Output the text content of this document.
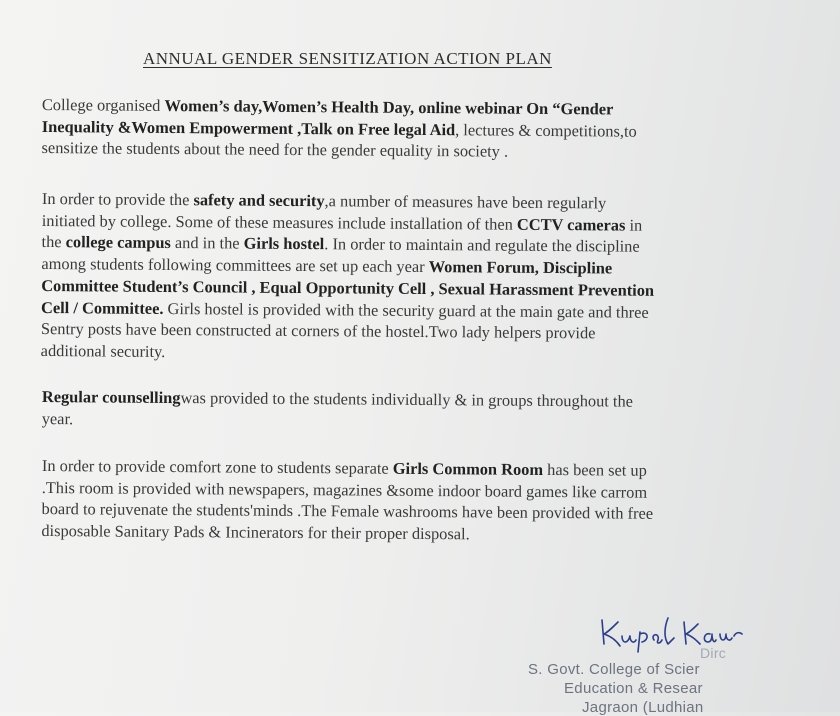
ANNUAL GENDER SENSITIZATION ACTION PLAN
College organised Women’s day,Women’s Health Day, online webinar On “Gender
Inequality &Women Empowerment ,Talk on Free legal Aid, lectures & competitions,to
sensitize the students about the need for the gender equality in society .
In order to provide the safety and security,a number of measures have been regularly
initiated by college. Some of these measures include installation of then CCTV cameras in
the college campus and in the Girls hostel. In order to maintain and regulate the discipline
among students following committees are set up each year Women Forum, Discipline
Committee Student’s Council , Equal Opportunity Cell , Sexual Harassment Prevention
Cell / Committee. Girls hostel is provided with the security guard at the main gate and three
Sentry posts have been constructed at corners of the hostel.Two lady helpers provide
additional security.
Regular counsellingwas provided to the students individually & in groups throughout the
year.
In order to provide comfort zone to students separate Girls Common Room has been set up
.This room is provided with newspapers, magazines &some indoor board games like carrom
board to rejuvenate the students'minds .The Female washrooms have been provided with free
disposable Sanitary Pads & Incinerators for their proper disposal.
Dirc
S. Govt. College of Scier
Education & Resear
Jagraon (Ludhian
